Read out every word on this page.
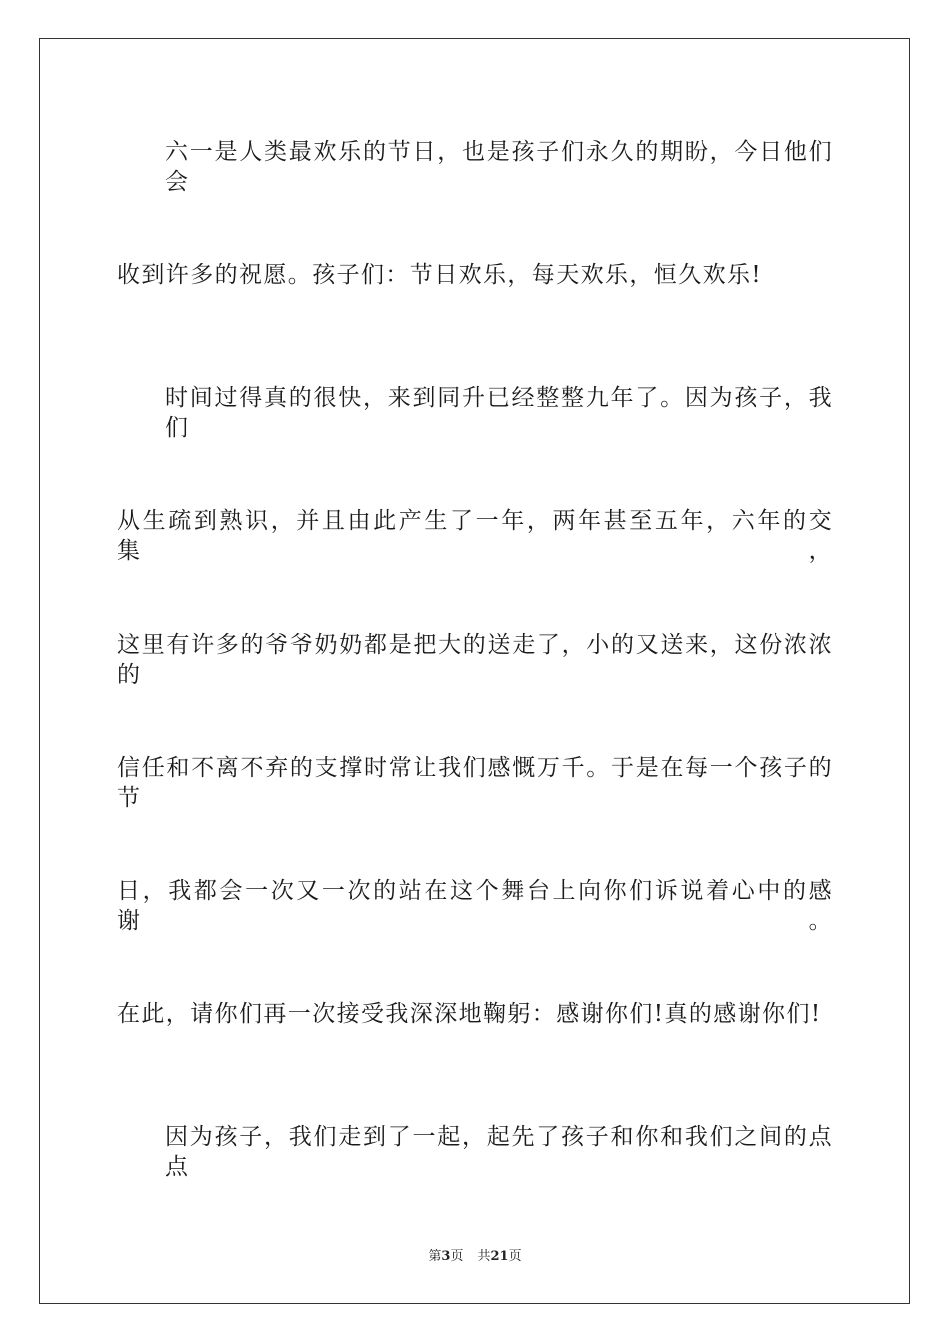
六一是人类最欢乐的节日，也是孩子们永久的期盼，今日他们会
收到许多的祝愿。孩子们：节日欢乐，每天欢乐，恒久欢乐!
时间过得真的很快，来到同升已经整整九年了。因为孩子，我们
从生疏到熟识，并且由此产生了一年，两年甚至五年，六年的交集，
这里有许多的爷爷奶奶都是把大的送走了，小的又送来，这份浓浓的
信任和不离不弃的支撑时常让我们感慨万千。于是在每一个孩子的节
日，我都会一次又一次的站在这个舞台上向你们诉说着心中的感谢。
在此，请你们再一次接受我深深地鞠躬：感谢你们!真的感谢你们!
因为孩子，我们走到了一起，起先了孩子和你和我们之间的点点
第3页 共21页
